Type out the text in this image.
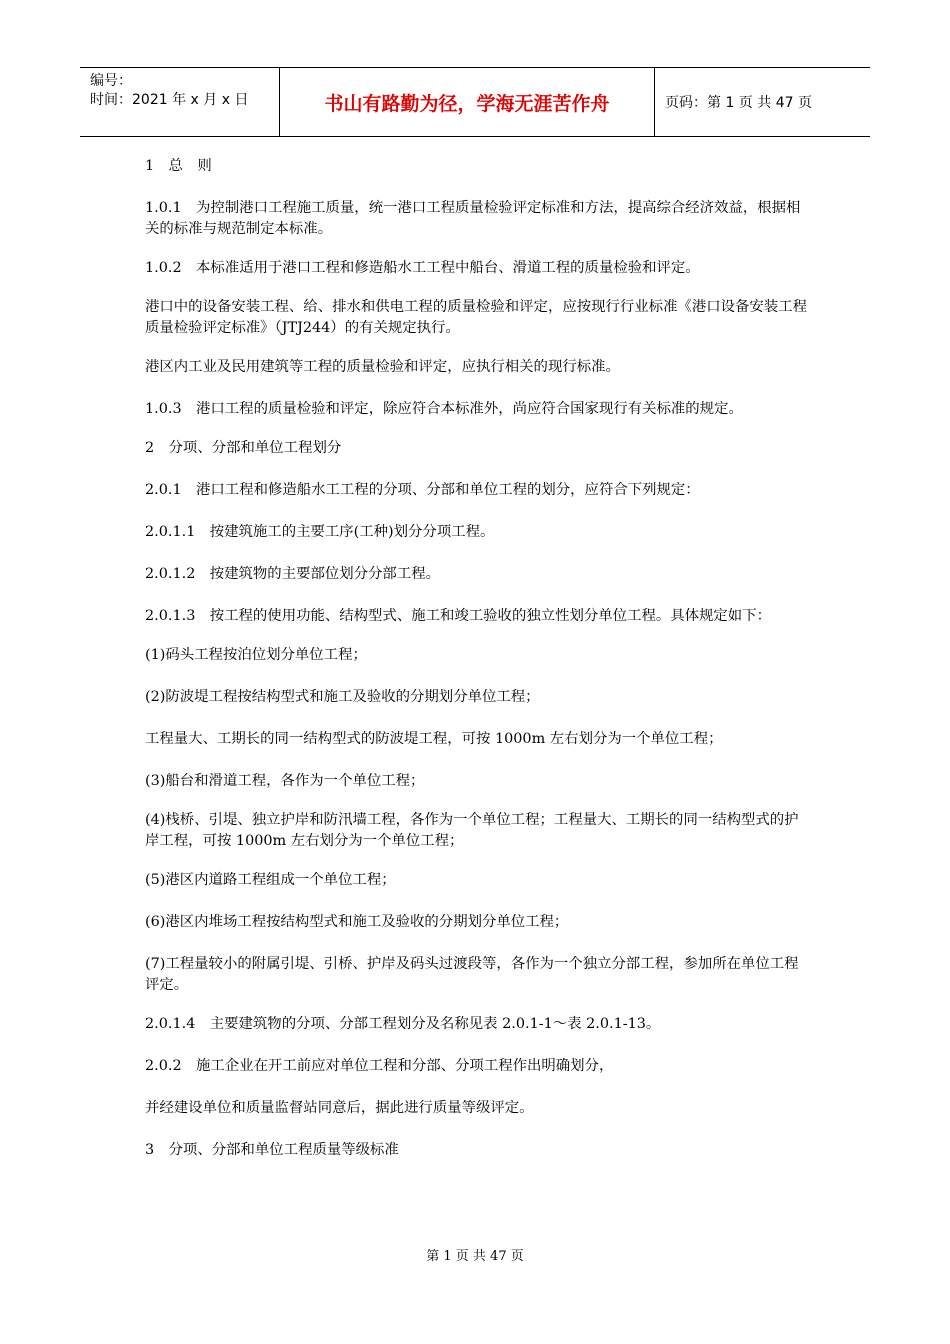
编号：
时间：2021 年 x 月 x 日	书山有路勤为径，学海无涯苦作舟	页码：第 1 页 共 47 页

1　总　则

1.0.1　为控制港口工程施工质量，统一港口工程质量检验评定标准和方法，提高综合经济效益，根据相关的标准与规范制定本标准。

1.0.2　本标准适用于港口工程和修造船水工工程中船台、滑道工程的质量检验和评定。

港口中的设备安装工程、给、排水和供电工程的质量检验和评定，应按现行行业标准《港口设备安装工程质量检验评定标准》（JTJ244）的有关规定执行。

港区内工业及民用建筑等工程的质量检验和评定，应执行相关的现行标准。

1.0.3　港口工程的质量检验和评定，除应符合本标准外，尚应符合国家现行有关标准的规定。

2　分项、分部和单位工程划分

2.0.1　港口工程和修造船水工工程的分项、分部和单位工程的划分，应符合下列规定：

2.0.1.1　按建筑施工的主要工序(工种)划分分项工程。

2.0.1.2　按建筑物的主要部位划分分部工程。

2.0.1.3　按工程的使用功能、结构型式、施工和竣工验收的独立性划分单位工程。具体规定如下：

(1)码头工程按泊位划分单位工程；

(2)防波堤工程按结构型式和施工及验收的分期划分单位工程；

工程量大、工期长的同一结构型式的防波堤工程，可按 1000m 左右划分为一个单位工程；

(3)船台和滑道工程，各作为一个单位工程；

(4)栈桥、引堤、独立护岸和防汛墙工程，各作为一个单位工程；工程量大、工期长的同一结构型式的护岸工程，可按 1000m 左右划分为一个单位工程；

(5)港区内道路工程组成一个单位工程；

(6)港区内堆场工程按结构型式和施工及验收的分期划分单位工程；

(7)工程量较小的附属引堤、引桥、护岸及码头过渡段等，各作为一个独立分部工程，参加所在单位工程评定。

2.0.1.4　主要建筑物的分项、分部工程划分及名称见表 2.0.1-1～表 2.0.1-13。

2.0.2　施工企业在开工前应对单位工程和分部、分项工程作出明确划分，

并经建设单位和质量监督站同意后，据此进行质量等级评定。

3　分项、分部和单位工程质量等级标准

第 1 页 共 47 页
